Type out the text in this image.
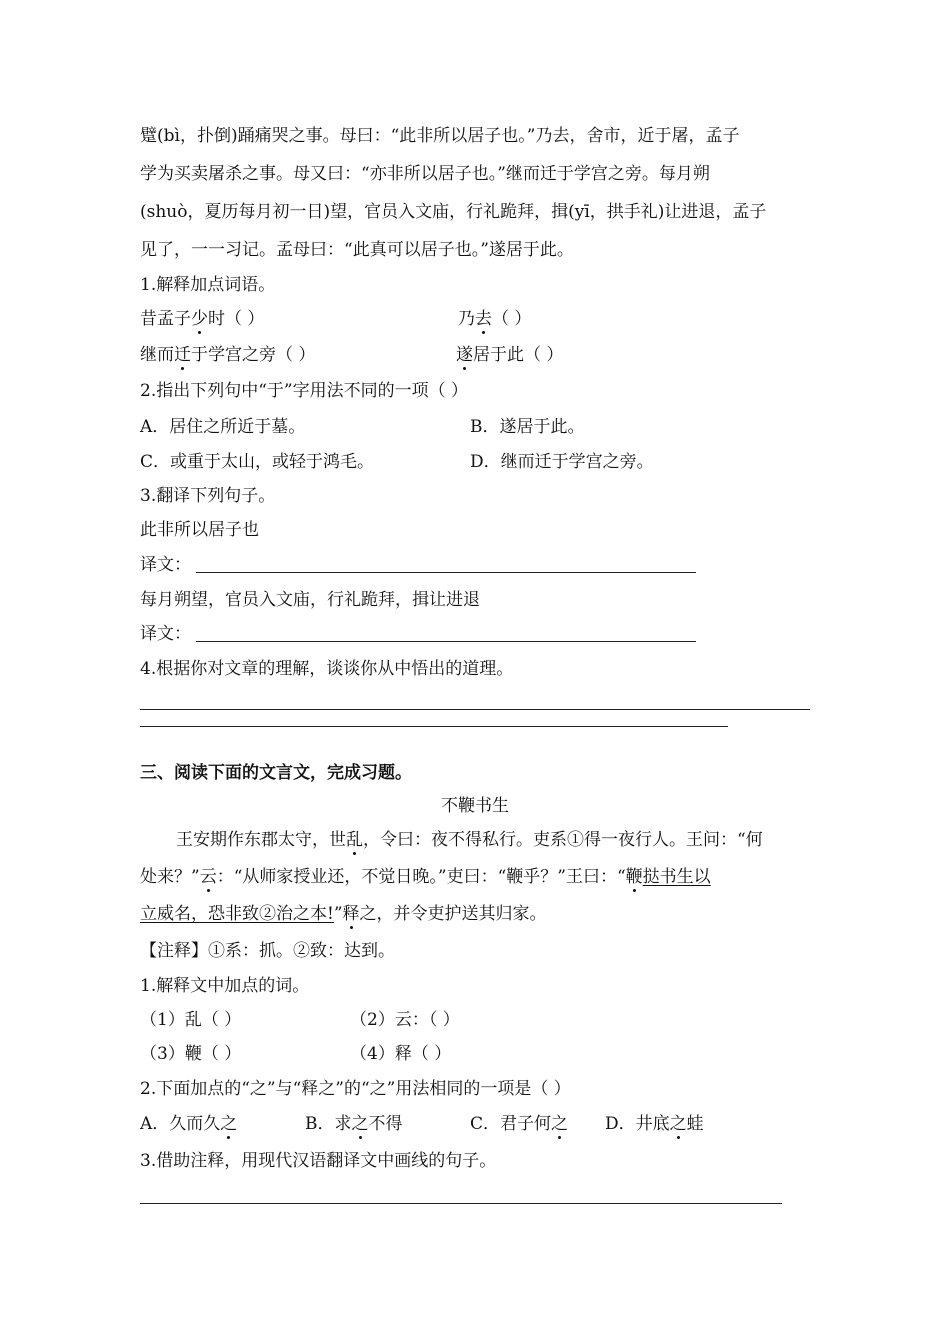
躄(bì，扑倒)踊痛哭之事。母曰：“此非所以居子也。”乃去，舍市，近于屠，孟子
学为买卖屠杀之事。母又曰：“亦非所以居子也。”继而迁于学宫之旁。每月朔
(shuò，夏历每月初一日)望，官员入文庙，行礼跪拜，揖(yī，拱手礼)让进退，孟子
见了，一一习记。孟母曰：“此真可以居子也。”遂居于此。
1.解释加点词语。
昔孟子少时（ ）	乃去（ ）
继而迁于学宫之旁（ ）	遂居于此（ ）
2.指出下列句中“于”字用法不同的一项（ ）
A．居住之所近于墓。	B．遂居于此。
C．或重于太山，或轻于鸿毛。	D．继而迁于学宫之旁。
3.翻译下列句子。
此非所以居子也
译文：
每月朔望，官员入文庙，行礼跪拜，揖让进退
译文：
4.根据你对文章的理解，谈谈你从中悟出的道理。
三、阅读下面的文言文，完成习题。
不鞭书生
王安期作东郡太守，世乱，令曰：夜不得私行。吏系①得一夜行人。王问：“何
处来？”云：“从师家授业还，不觉日晚。”吏曰：“鞭乎？”王曰：“鞭挞书生以
立威名，恐非致②治之本!”释之，并令吏护送其归家。
【注释】①系：抓。②致：达到。
1.解释文中加点的词。
（1）乱（ ）	（2）云：（ ）
（3）鞭（ ）	（4）释（ ）
2.下面加点的“之”与“释之”的“之”用法相同的一项是（ ）
A．久而久之	B．求之不得	C．君子何之 D．井底之蛙
3.借助注释，用现代汉语翻译文中画线的句子。
